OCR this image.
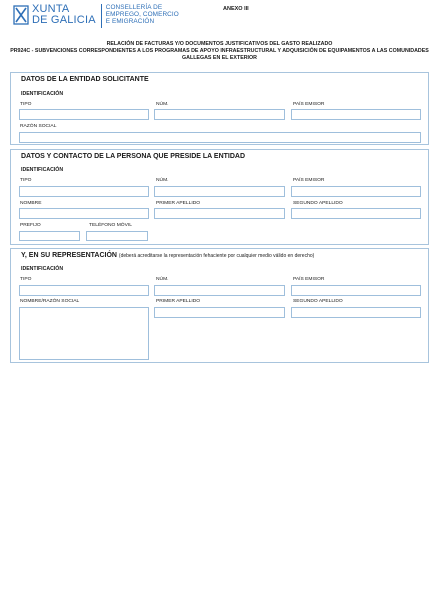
XUNTA
DE GALICIA
CONSELLERÍA DE
EMPREGO, COMERCIO
E EMIGRACIÓN
ANEXO III
RELACIÓN DE FACTURAS Y/O DOCUMENTOS JUSTIFICATIVOS DEL GASTO REALIZADO
PR924C - SUBVENCIONES CORRESPONDIENTES A LOS PROGRAMAS DE APOYO INFRAESTRUCTURAL Y ADQUISICIÓN DE EQUIPAMENTOS A LAS COMUNIDADES
GALLEGAS EN EL EXTERIOR
DATOS DE LA ENTIDAD SOLICITANTE
IDENTIFICACIÓN
TIPO	NÚM.	PAÍS EMISOR
RAZÓN SOCIAL
DATOS Y CONTACTO DE LA PERSONA QUE PRESIDE LA ENTIDAD
IDENTIFICACIÓN
TIPO	NÚM.	PAÍS EMISOR
NOMBRE	PRIMER APELLIDO	SEGUNDO APELLIDO
PREFIJO	TELÉFONO MÓVIL
Y, EN SU REPRESENTACIÓN (deberá acreditarse la representación fehaciente por cualquier medio válido en derecho)
IDENTIFICACIÓN
TIPO	NÚM.	PAÍS EMISOR
NOMBRE/RAZÓN SOCIAL	PRIMER APELLIDO	SEGUNDO APELLIDO
